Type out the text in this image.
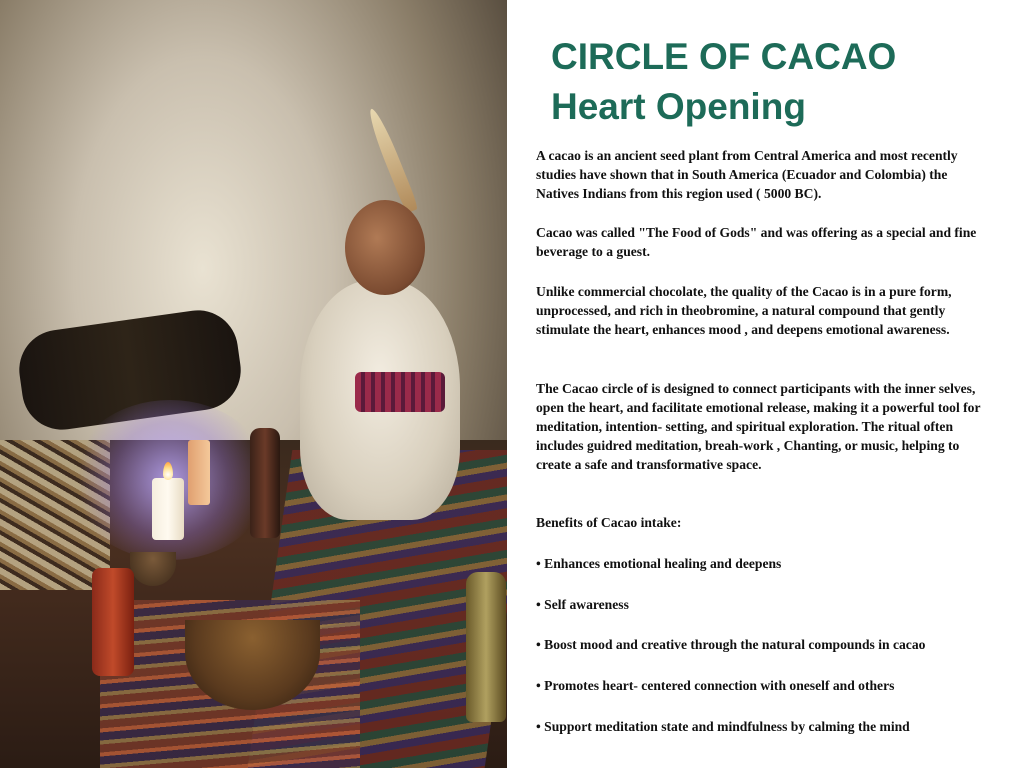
CIRCLE OF CACAO
Heart Opening

A cacao is an ancient seed plant from Central America and most recently studies have shown that in South America (Ecuador and Colombia) the Natives Indians from this region used ( 5000 BC).

Cacao was called "The Food of Gods" and was offering as a special and fine beverage to a guest.

Unlike commercial chocolate, the quality of the Cacao is in a pure form, unprocessed, and rich in theobromine, a natural compound that gently stimulate the heart, enhances mood , and deepens emotional awareness.

The Cacao circle of is designed to connect participants with the inner selves, open the heart, and facilitate emotional release, making it a powerful tool for meditation, intention- setting, and spiritual exploration. The ritual often includes guidred meditation, breah-work , Chanting, or music, helping to create a safe and transformative space.

Benefits of Cacao intake:

• Enhances emotional healing and deepens

• Self awareness

• Boost mood and creative through the natural compounds in cacao

• Promotes heart- centered connection with oneself and others

• Support meditation state and mindfulness by calming the mind
